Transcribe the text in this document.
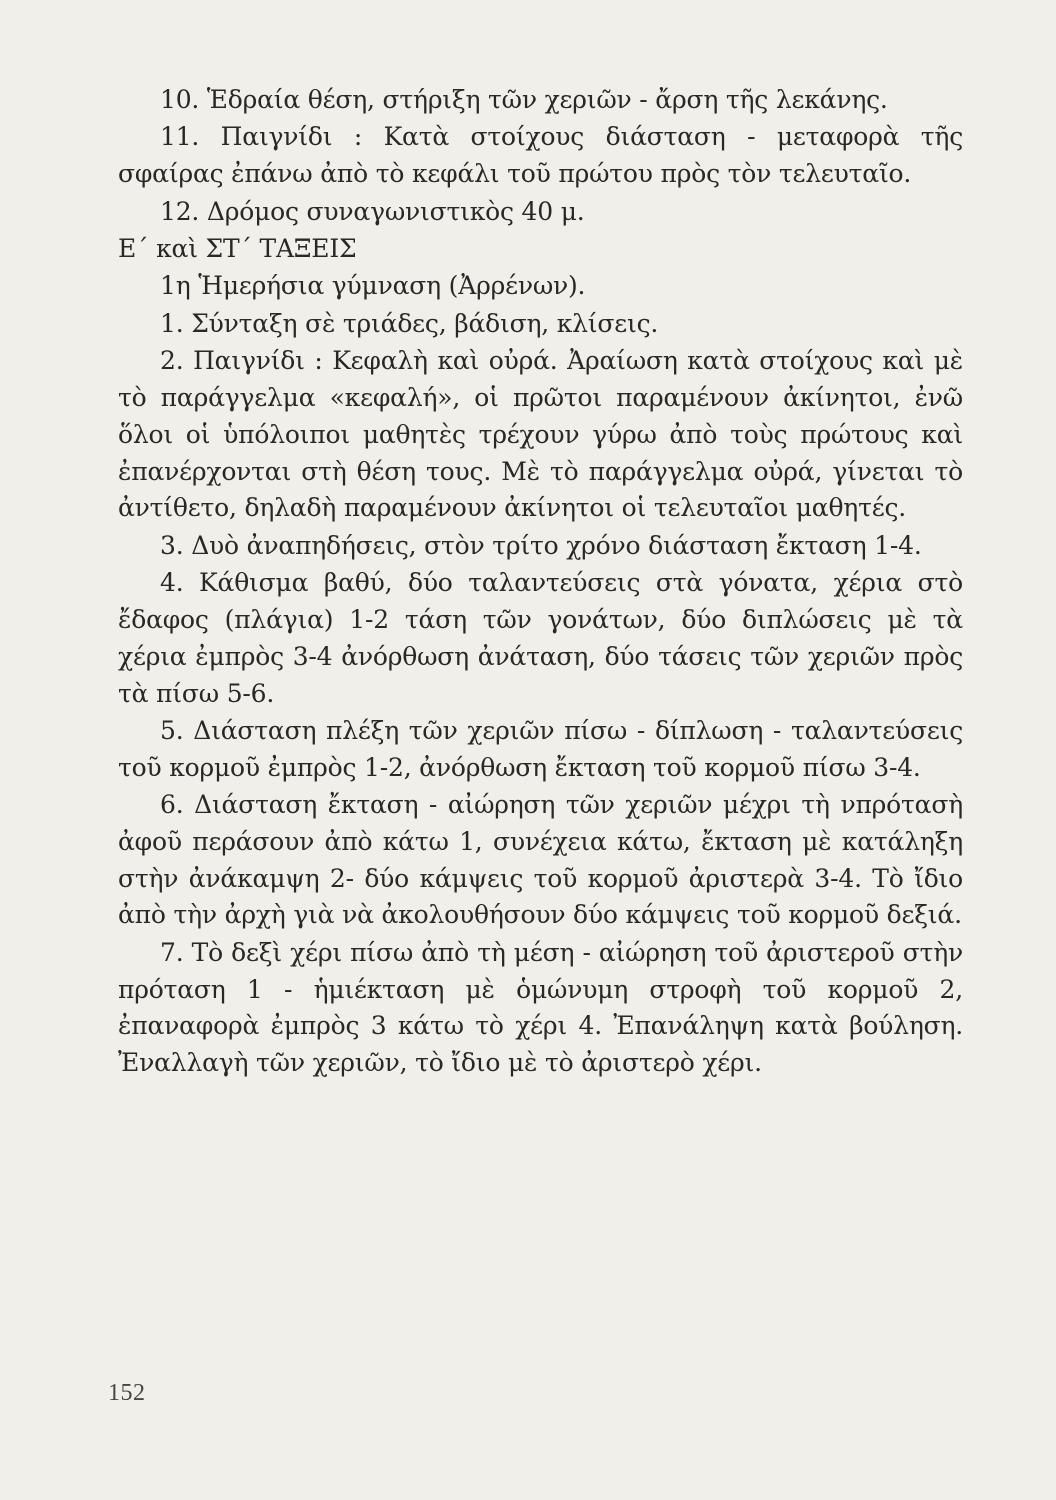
10. Ἑδραία θέση, στήριξη τῶν χεριῶν - ἄρση τῆς λεκάνης.

11. Παιγνίδι : Κατὰ στοίχους διάσταση - μεταφορὰ τῆς σφαίρας ἐπάνω ἀπὸ τὸ κεφάλι τοῦ πρώτου πρὸς τὸν τελευταῖο.

12. Δρόμος συναγωνιστικὸς 40 μ.

Ε΄ καὶ ΣΤ΄ ΤΑΞΕΙΣ

1η Ἡμερήσια γύμναση (Ἀρρένων).

1. Σύνταξη σὲ τριάδες, βάδιση, κλίσεις.

2. Παιγνίδι : Κεφαλὴ καὶ οὐρά. Ἀραίωση κατὰ στοίχους καὶ μὲ τὸ παράγγελμα «κεφαλή», οἱ πρῶτοι παραμένουν ἀκίνητοι, ἐνῶ ὅλοι οἱ ὑπόλοιποι μαθητὲς τρέχουν γύρω ἀπὸ τοὺς πρώτους καὶ ἐπανέρχονται στὴ θέση τους. Μὲ τὸ παράγγελμα οὐρά, γίνεται τὸ ἀντίθετο, δηλαδὴ παραμένουν ἀκίνητοι οἱ τελευταῖοι μαθητές.

3. Δυὸ ἀναπηδήσεις, στὸν τρίτο χρόνο διάσταση ἔκταση 1-4.

4. Κάθισμα βαθύ, δύο ταλαντεύσεις στὰ γόνατα, χέρια στὸ ἔδαφος (πλάγια) 1-2 τάση τῶν γονάτων, δύο διπλώσεις μὲ τὰ χέρια ἐμπρὸς 3-4 ἀνόρθωση ἀνάταση, δύο τάσεις τῶν χεριῶν πρὸς τὰ πίσω 5-6.

5. Διάσταση πλέξη τῶν χεριῶν πίσω - δίπλωση - ταλαντεύσεις τοῦ κορμοῦ ἐμπρὸς 1-2, ἀνόρθωση ἔκταση τοῦ κορμοῦ πίσω 3-4.

6. Διάσταση ἔκταση - αἰώρηση τῶν χεριῶν μέχρι τὴ νπρότασὴ ἀφοῦ περάσουν ἀπὸ κάτω 1, συνέχεια κάτω, ἔκταση μὲ κατάληξη στὴν ἀνάκαμψη 2- δύο κάμψεις τοῦ κορμοῦ ἀριστερὰ 3-4. Τὸ ἴδιο ἀπὸ τὴν ἀρχὴ γιὰ νὰ ἀκολουθήσουν δύο κάμψεις τοῦ κορμοῦ δεξιά.

7. Τὸ δεξὶ χέρι πίσω ἀπὸ τὴ μέση - αἰώρηση τοῦ ἀριστεροῦ στὴν πρόταση 1 - ἡμιέκταση μὲ ὁμώνυμη στροφὴ τοῦ κορμοῦ 2, ἐπαναφορὰ ἐμπρὸς 3 κάτω τὸ χέρι 4. Ἐπανάληψη κατὰ βούληση. Ἐναλλαγὴ τῶν χεριῶν, τὸ ἴδιο μὲ τὸ ἀριστερὸ χέρι.

152
